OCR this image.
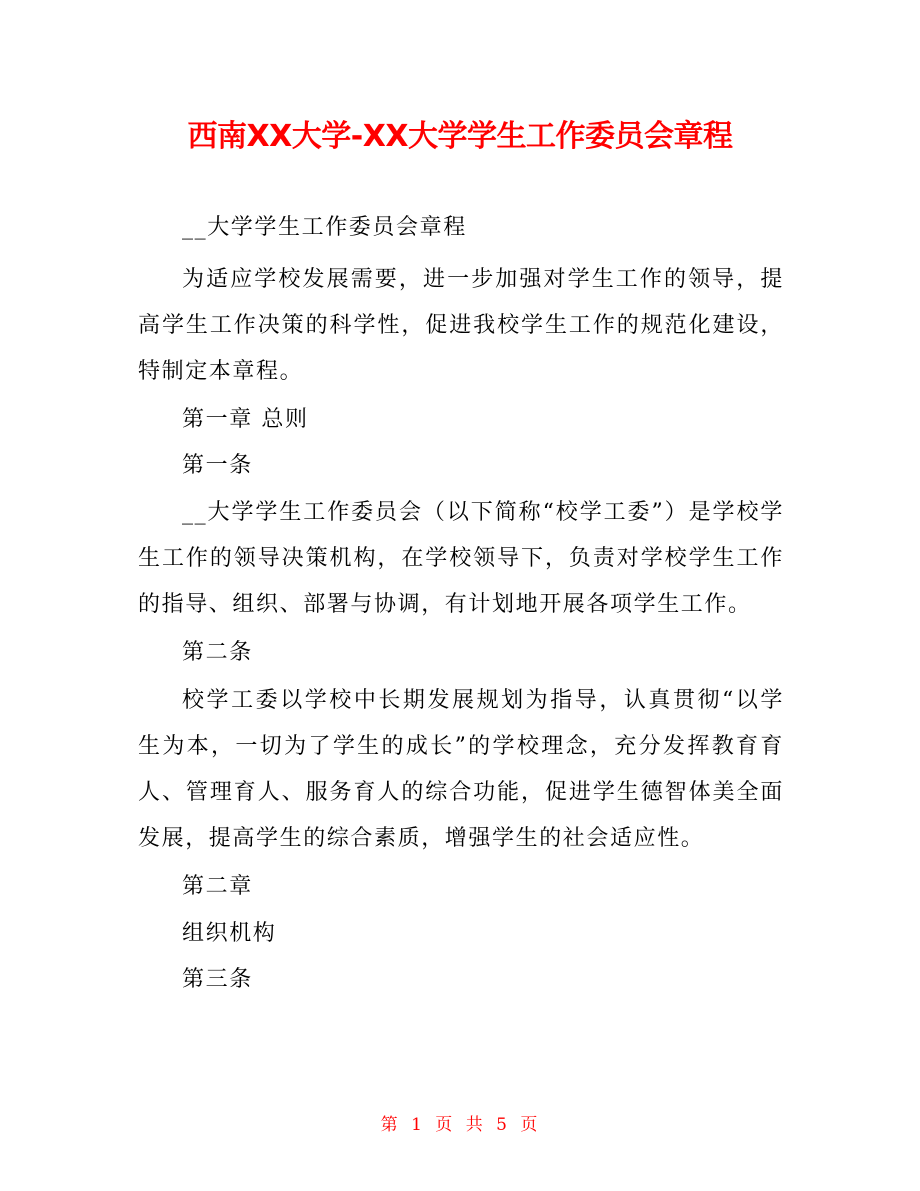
西南XX大学-XX大学学生工作委员会章程

__大学学生工作委员会章程

为适应学校发展需要，进一步加强对学生工作的领导，提高学生工作决策的科学性，促进我校学生工作的规范化建设，特制定本章程。

第一章 总则

第一条

__大学学生工作委员会（以下简称“校学工委”）是学校学生工作的领导决策机构，在学校领导下，负责对学校学生工作的指导、组织、部署与协调，有计划地开展各项学生工作。

第二条

校学工委以学校中长期发展规划为指导，认真贯彻“以学生为本，一切为了学生的成长”的学校理念，充分发挥教育育人、管理育人、服务育人的综合功能，促进学生德智体美全面发展，提高学生的综合素质，增强学生的社会适应性。

第二章

组织机构

第三条

第 1 页 共 5 页
